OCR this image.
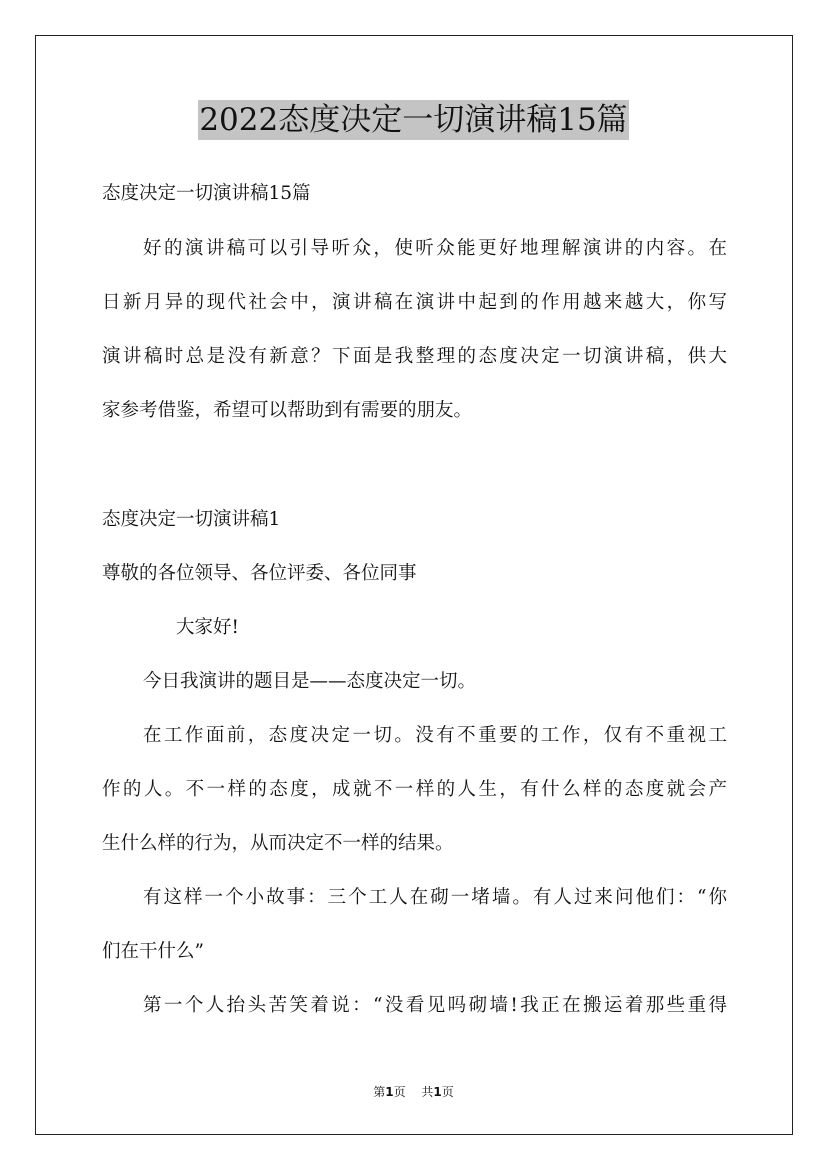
2022态度决定一切演讲稿15篇
态度决定一切演讲稿15篇
好的演讲稿可以引导听众，使听众能更好地理解演讲的内容。在
日新月异的现代社会中，演讲稿在演讲中起到的作用越来越大，你写
演讲稿时总是没有新意？下面是我整理的态度决定一切演讲稿，供大
家参考借鉴，希望可以帮助到有需要的朋友。
态度决定一切演讲稿1
尊敬的各位领导、各位评委、各位同事
大家好!
今日我演讲的题目是——态度决定一切。
在工作面前，态度决定一切。没有不重要的工作，仅有不重视工
作的人。不一样的态度，成就不一样的人生，有什么样的态度就会产
生什么样的行为，从而决定不一样的结果。
有这样一个小故事：三个工人在砌一堵墙。有人过来问他们：“你
们在干什么”
第一个人抬头苦笑着说：“没看见吗砌墙!我正在搬运着那些重得
第1页 共1页
